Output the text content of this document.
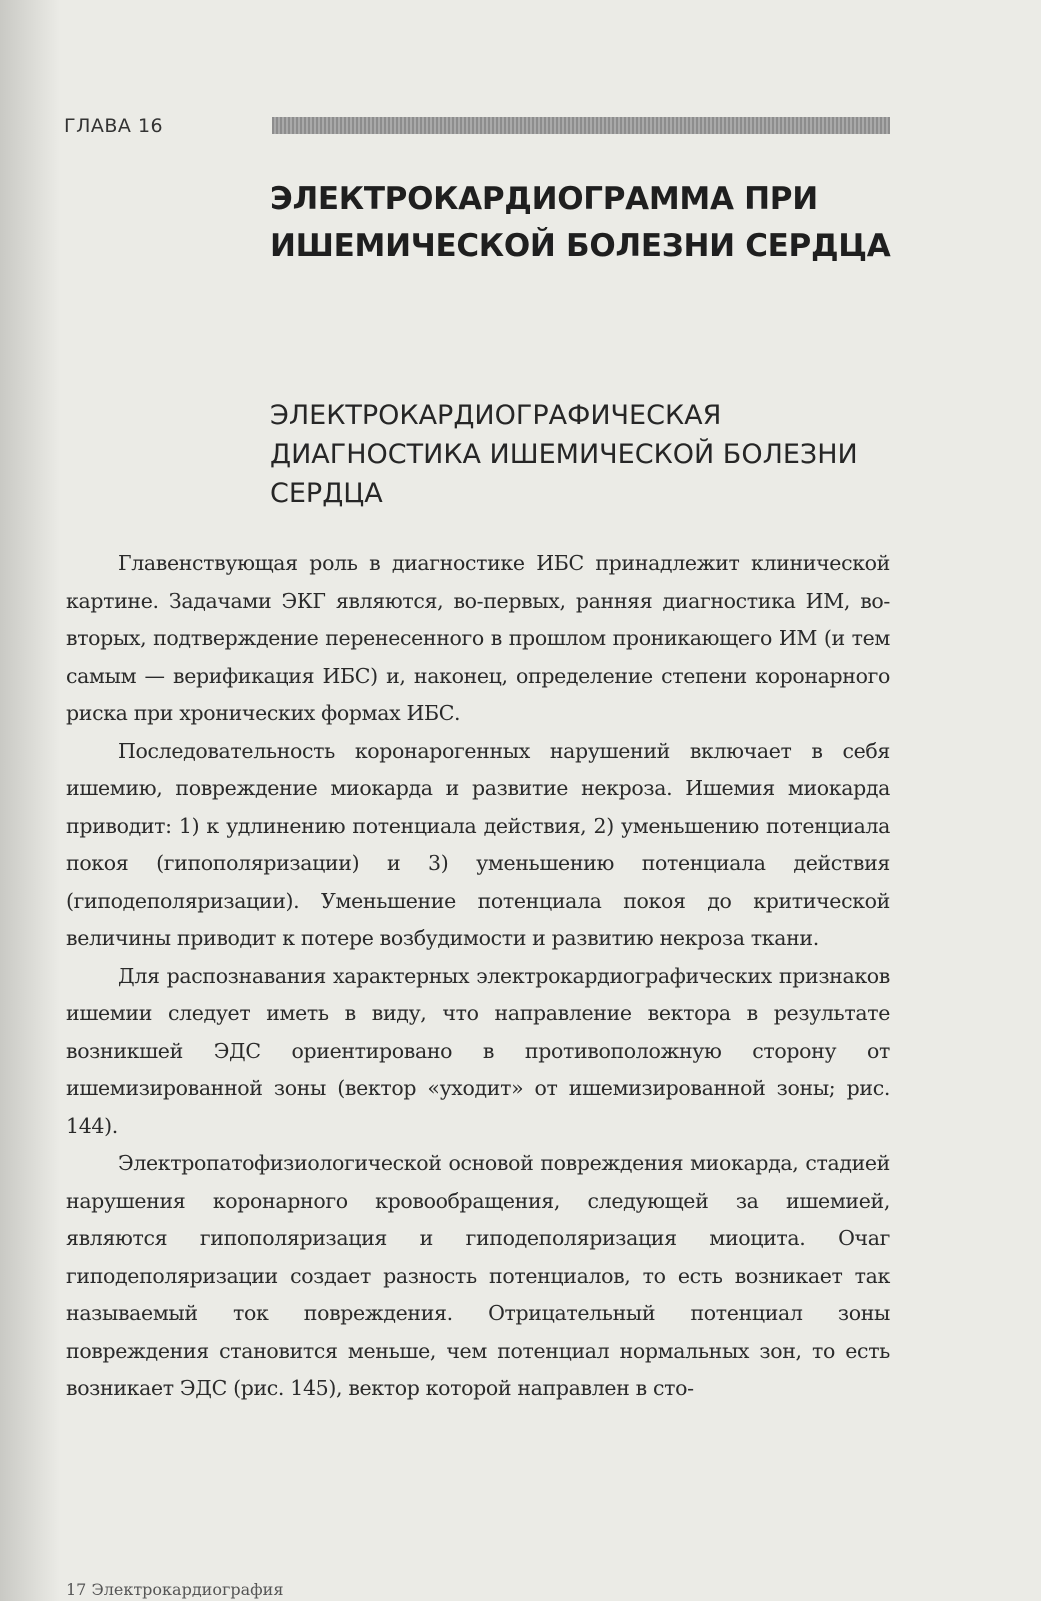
ГЛАВА 16
ЭЛЕКТРОКАРДИОГРАММА ПРИ ИШЕМИЧЕСКОЙ БОЛЕЗНИ СЕРДЦА
ЭЛЕКТРОКАРДИОГРАФИЧЕСКАЯ ДИАГНОСТИКА ИШЕМИЧЕСКОЙ БОЛЕЗНИ СЕРДЦА

Главенствующая роль в диагностике ИБС принадлежит клинической картине. Задачами ЭКГ являются, во-первых, ранняя диагностика ИМ, во-вторых, подтверждение перенесенного в прошлом проникающего ИМ (и тем самым — верификация ИБС) и, наконец, определение степени коронарного риска при хронических формах ИБС.

Последовательность коронарогенных нарушений включает в себя ишемию, повреждение миокарда и развитие некроза. Ишемия миокарда приводит: 1) к удлинению потенциала действия, 2) уменьшению потенциала покоя (гипополяризации) и 3) уменьшению потенциала действия (гиподеполяризации). Уменьшение потенциала покоя до критической величины приводит к потере возбудимости и развитию некроза ткани.

Для распознавания характерных электрокардиографических признаков ишемии следует иметь в виду, что направление вектора в результате возникшей ЭДС ориентировано в противоположную сторону от ишемизированной зоны (вектор «уходит» от ишемизированной зоны; рис. 144).

Электропатофизиологической основой повреждения миокарда, стадией нарушения коронарного кровообращения, следующей за ишемией, являются гипополяризация и гиподеполяризация миоцита. Очаг гиподеполяризации создает разность потенциалов, то есть возникает так называемый ток повреждения. Отрицательный потенциал зоны повреждения становится меньше, чем потенциал нормальных зон, то есть возникает ЭДС (рис. 145), вектор которой направлен в сто-

17 Электрокардиография
